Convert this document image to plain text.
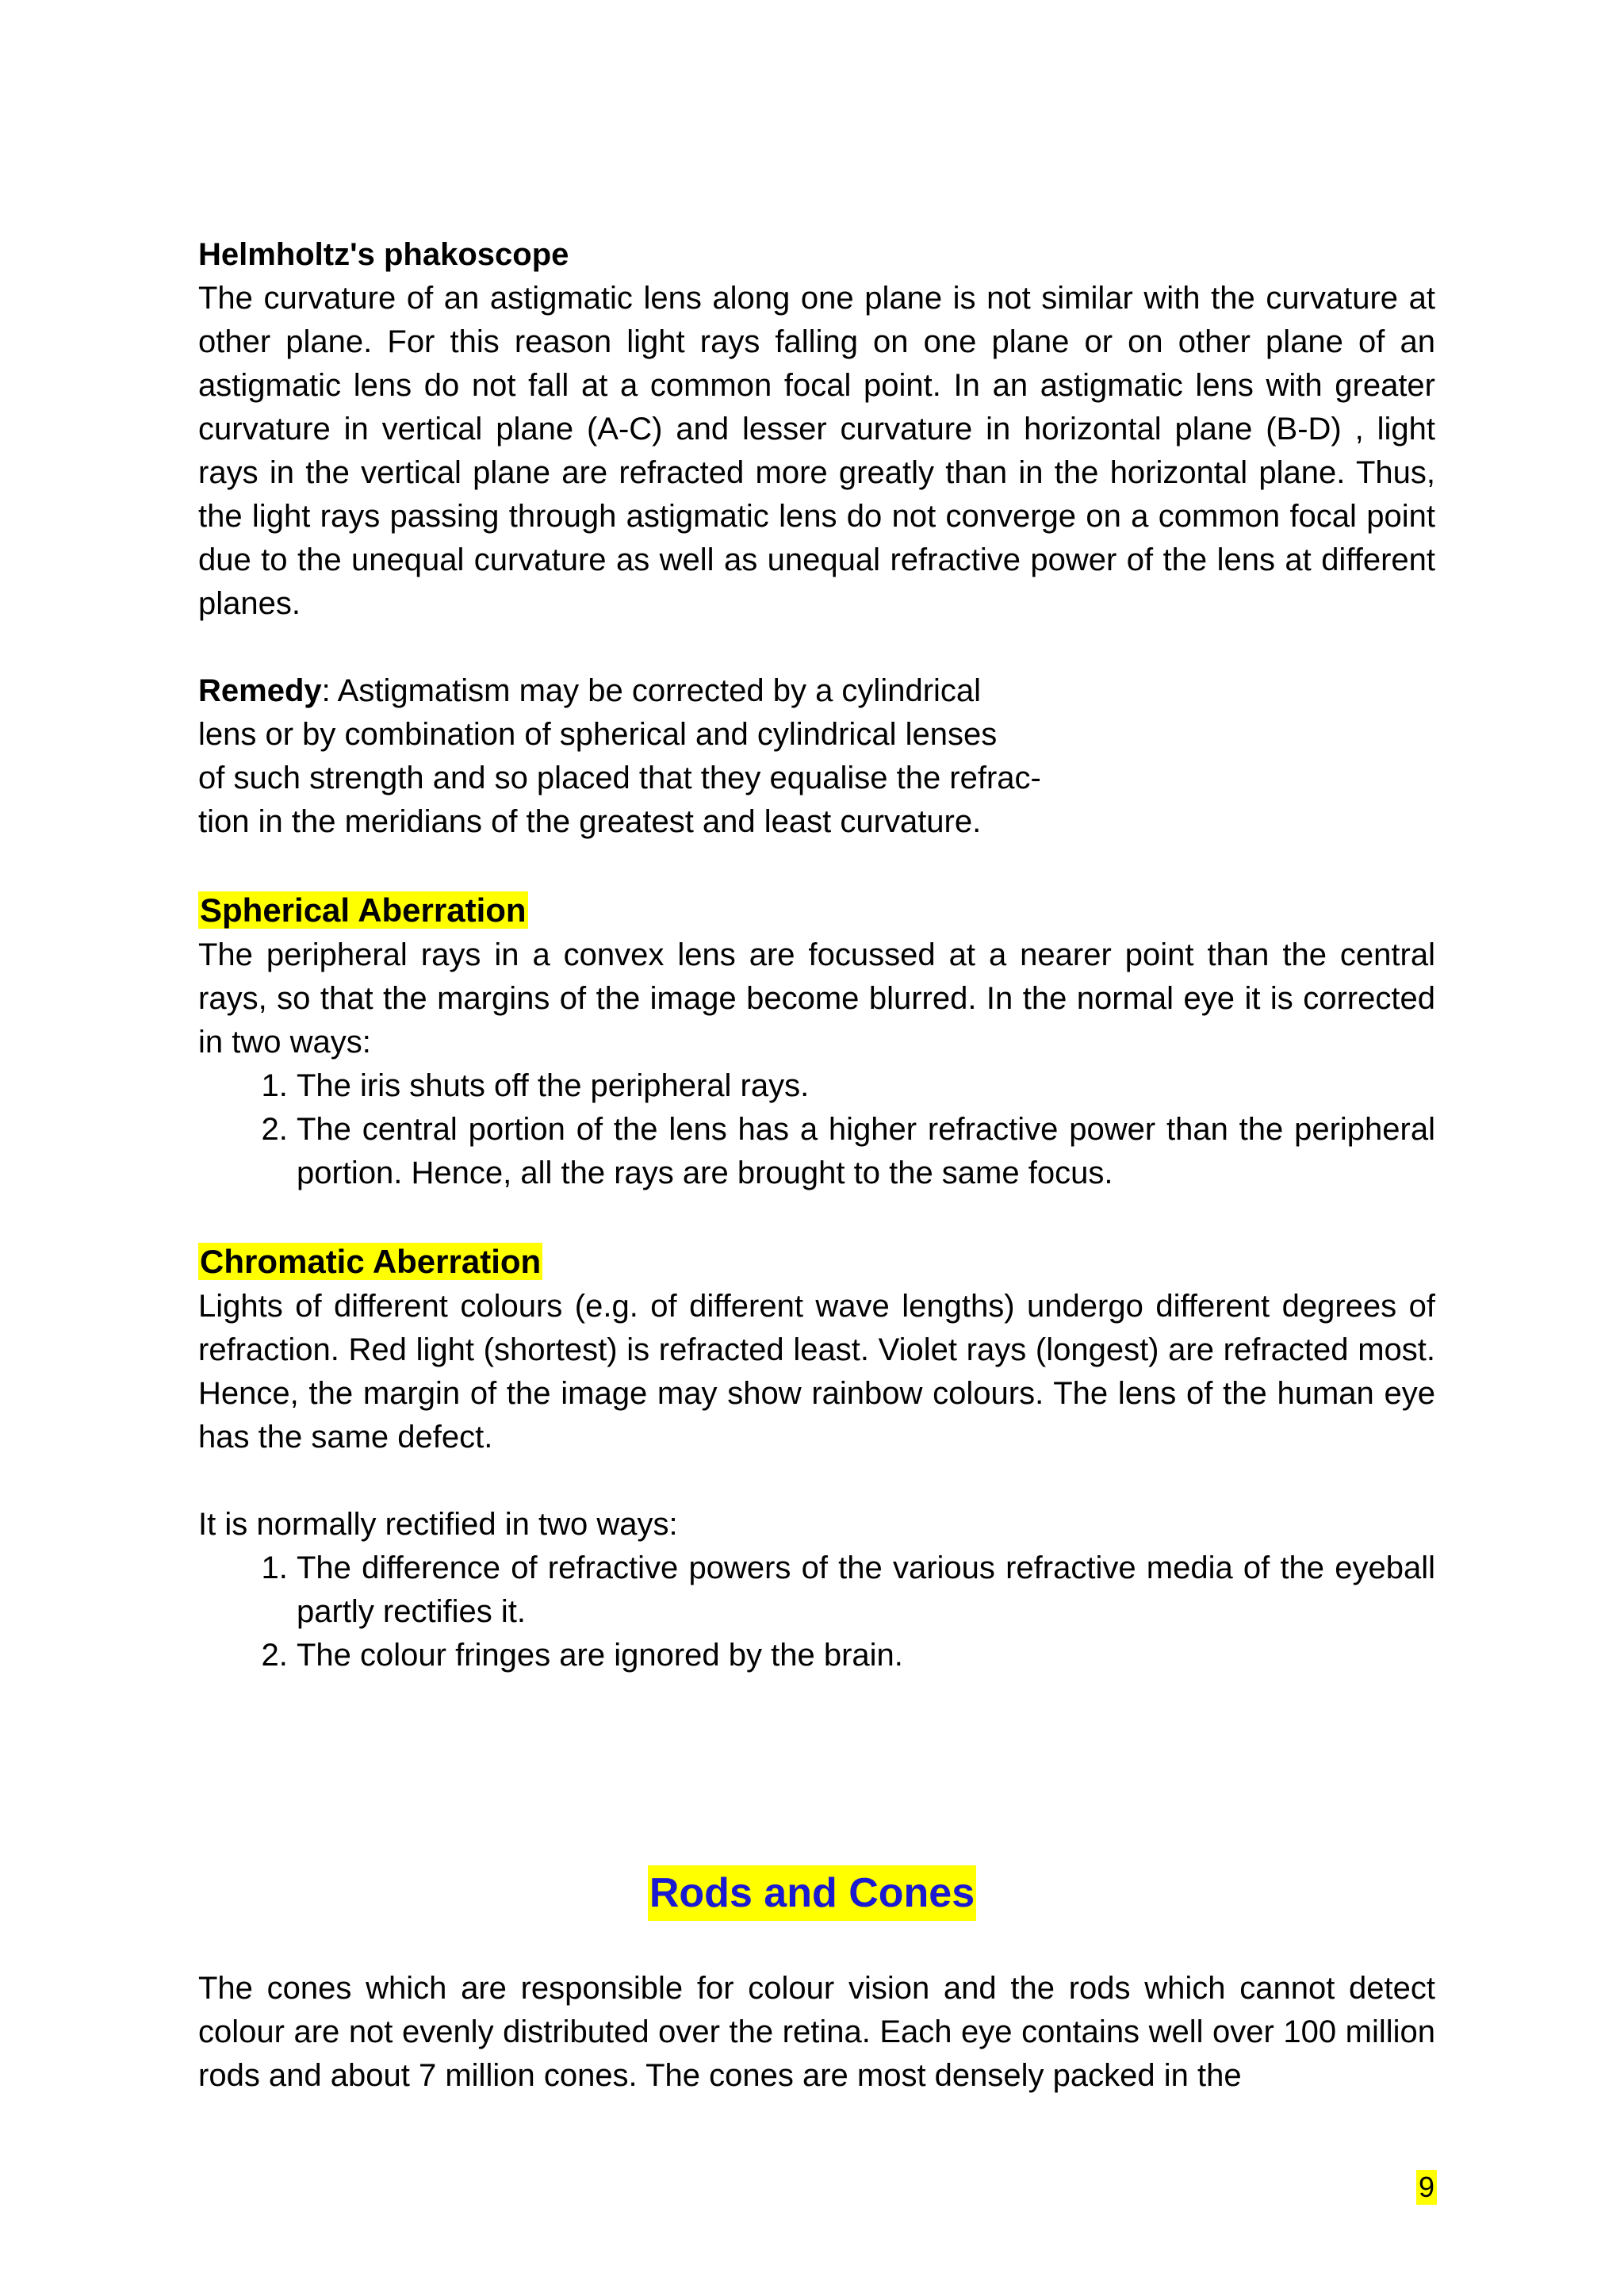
Helmholtz's phakoscope

The curvature of an astigmatic lens along one plane is not similar with the curvature at other plane. For this reason light rays falling on one plane or on other plane of an astigmatic lens do not fall at a common focal point. In an astigmatic lens with greater curvature in vertical plane (A-C) and lesser curvature in horizontal plane (B-D) , light rays in the vertical plane are refracted more greatly than in the horizontal plane. Thus, the light rays passing through astigmatic lens do not converge on a common focal point due to the unequal curvature as well as unequal refractive power of the lens at different planes.

Remedy: Astigmatism may be corrected by a cylindrical
lens or by combination of spherical and cylindrical lenses
of such strength and so placed that they equalise the refrac-
tion in the meridians of the greatest and least curvature.

Spherical Aberration

The peripheral rays in a convex lens are focussed at a nearer point than the central rays, so that the margins of the image become blurred. In the normal eye it is corrected in two ways:

1. The iris shuts off the peripheral rays.
2. The central portion of the lens has a higher refractive power than the peripheral portion. Hence, all the rays are brought to the same focus.

Chromatic Aberration

Lights of different colours (e.g. of different wave lengths) undergo different degrees of refraction. Red light (shortest) is refracted least. Violet rays (longest) are refracted most. Hence, the margin of the image may show rainbow colours. The lens of the human eye has the same defect.

It is normally rectified in two ways:

1. The difference of refractive powers of the various refractive media of the eyeball partly rectifies it.
2. The colour fringes are ignored by the brain.
Rods and Cones

The cones which are responsible for colour vision and the rods which cannot detect colour are not evenly distributed over the retina. Each eye contains well over 100 million rods and about 7 million cones. The cones are most densely packed in the

9
